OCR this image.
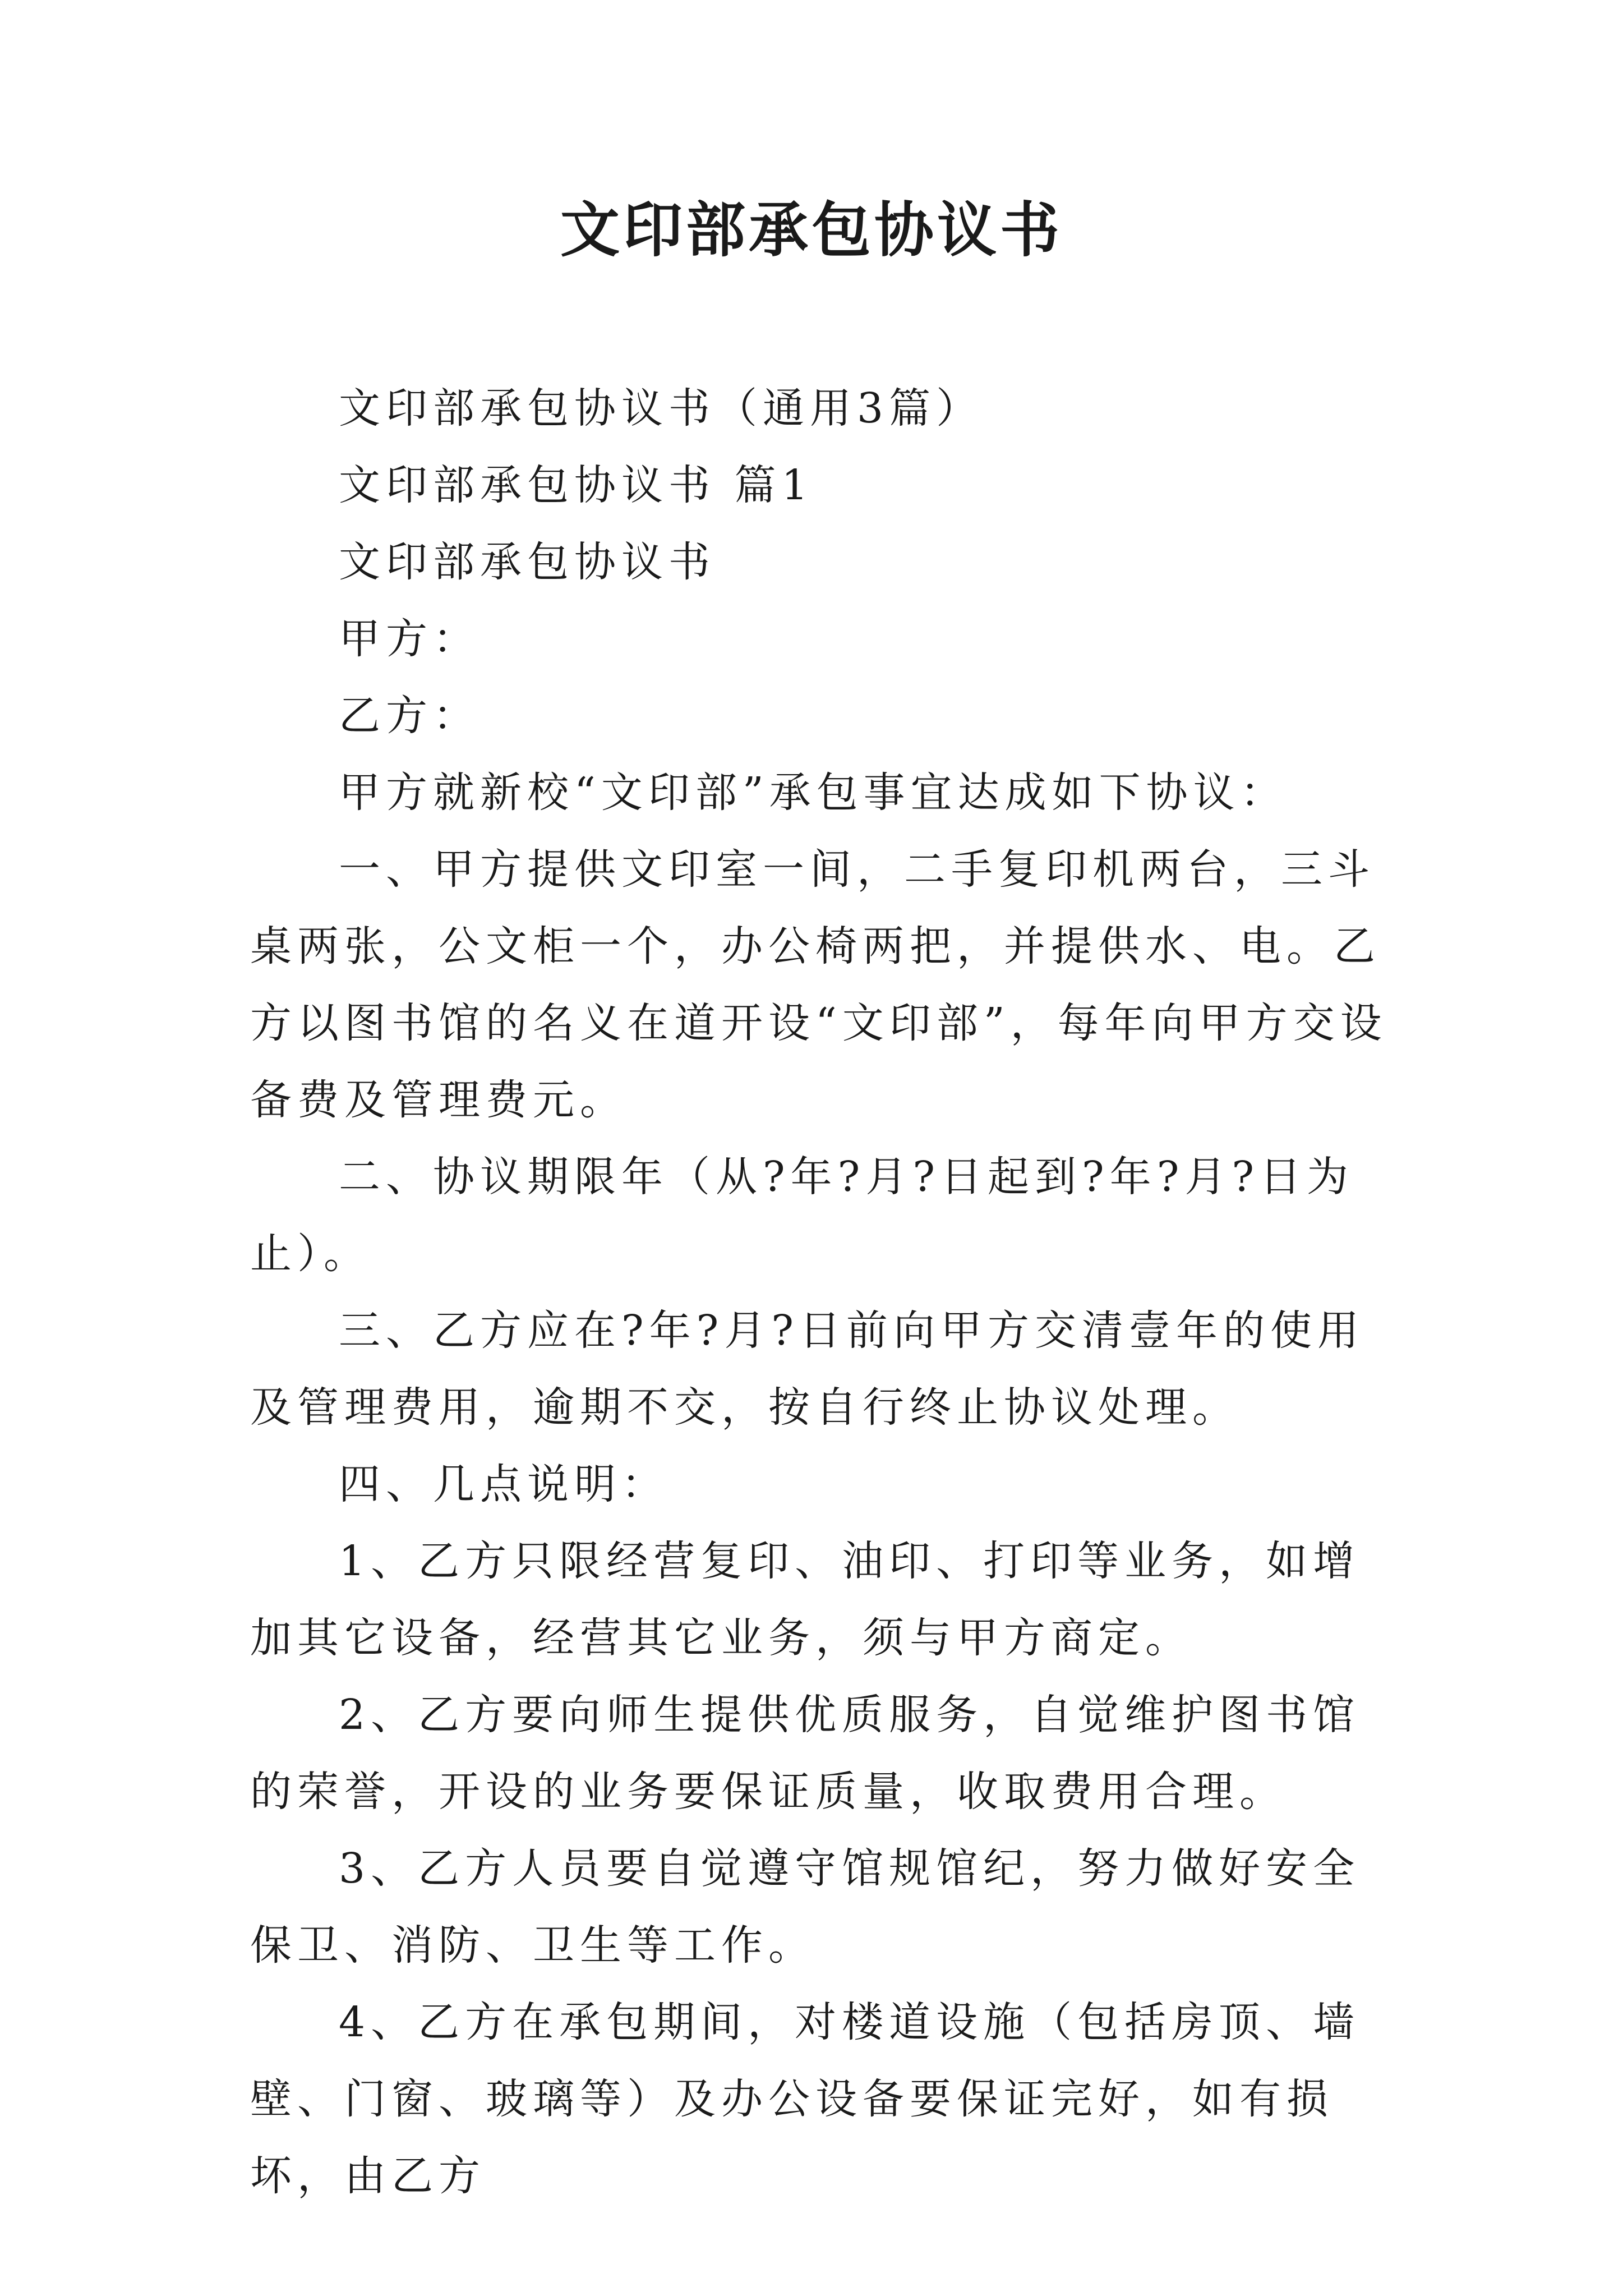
文印部承包协议书

文印部承包协议书（通用3篇）

文印部承包协议书 篇1

文印部承包协议书

甲方：

乙方：

甲方就新校“文印部”承包事宜达成如下协议：

一、甲方提供文印室一间，二手复印机两台，三斗桌两张，公文柜一个，办公椅两把，并提供水、电。乙方以图书馆的名义在道开设“文印部”，每年向甲方交设备费及管理费元。

二、协议期限年（从?年?月?日起到?年?月?日为止）。

三、乙方应在?年?月?日前向甲方交清壹年的使用及管理费用，逾期不交，按自行终止协议处理。

四、几点说明：

1、乙方只限经营复印、油印、打印等业务，如增加其它设备，经营其它业务，须与甲方商定。

2、乙方要向师生提供优质服务，自觉维护图书馆的荣誉，开设的业务要保证质量，收取费用合理。

3、乙方人员要自觉遵守馆规馆纪，努力做好安全保卫、消防、卫生等工作。

4、乙方在承包期间，对楼道设施（包括房顶、墙壁、门窗、玻璃等）及办公设备要保证完好，如有损坏，由乙方
